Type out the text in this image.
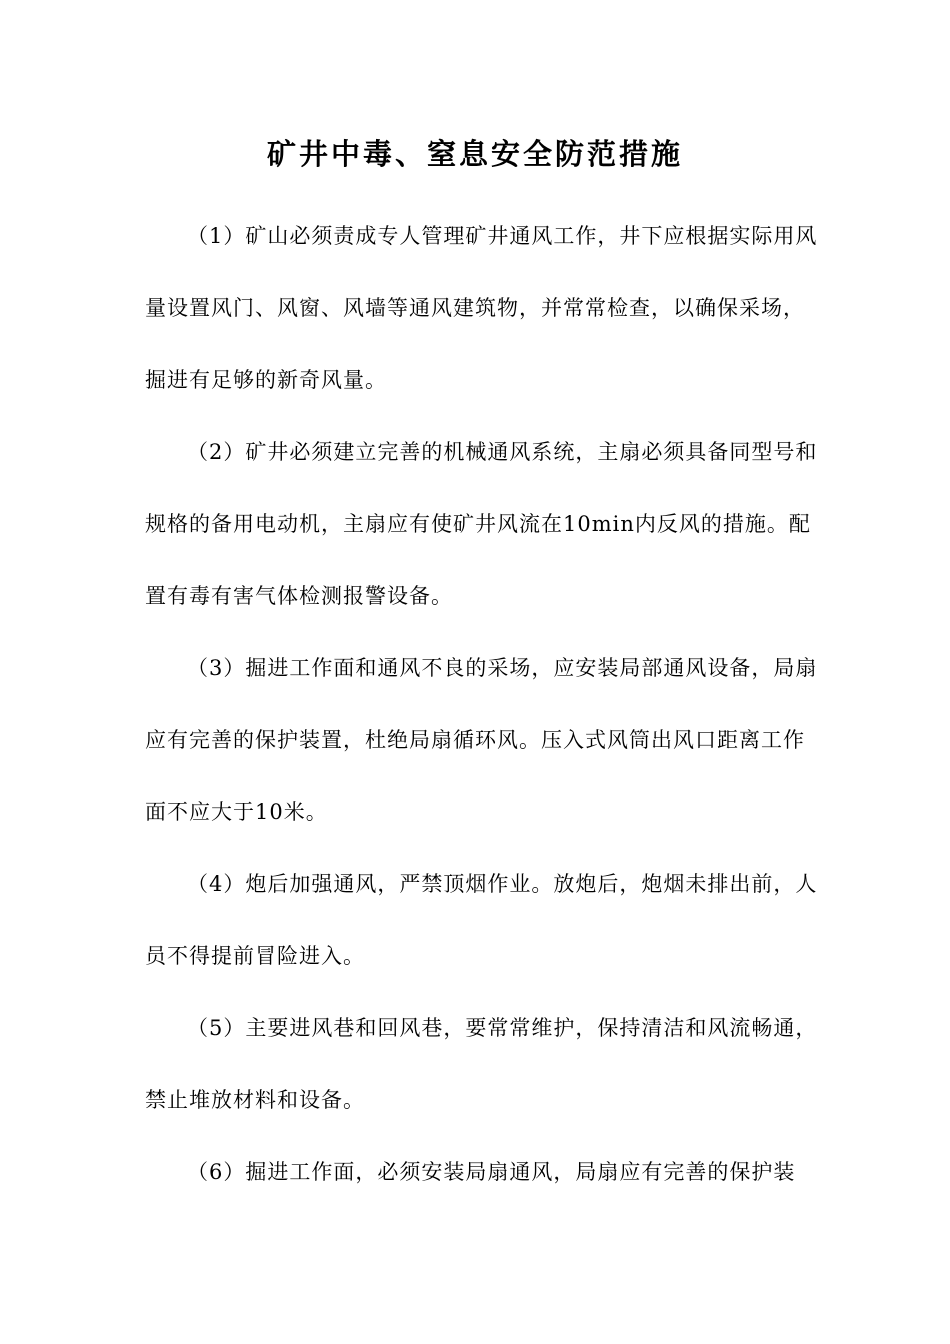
矿井中毒、窒息安全防范措施

（1）矿山必须责成专人管理矿井通风工作，井下应根据实际用风量设置风门、风窗、风墙等通风建筑物，并常常检查，以确保采场，掘进有足够的新奇风量。

（2）矿井必须建立完善的机械通风系统，主扇必须具备同型号和规格的备用电动机，主扇应有使矿井风流在10min内反风的措施。配置有毒有害气体检测报警设备。

（3）掘进工作面和通风不良的采场，应安装局部通风设备，局扇应有完善的保护装置，杜绝局扇循环风。压入式风筒出风口距离工作面不应大于10米。

（4）炮后加强通风，严禁顶烟作业。放炮后，炮烟未排出前，人员不得提前冒险进入。

（5）主要进风巷和回风巷，要常常维护，保持清洁和风流畅通，禁止堆放材料和设备。

（6）掘进工作面，必须安装局扇通风，局扇应有完善的保护装
